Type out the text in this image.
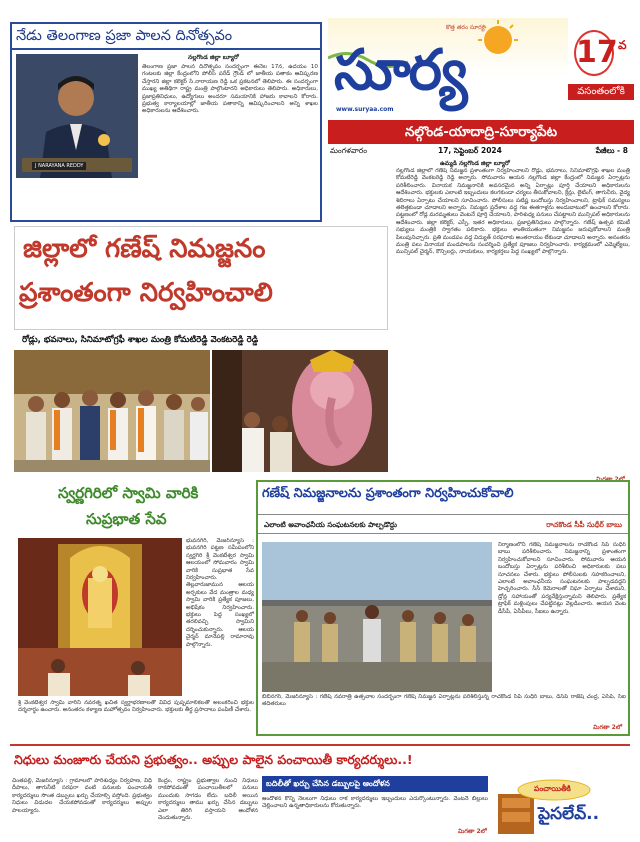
నేడు తెలంగాణ ప్రజా పాలన దినోత్సవం
J NARAYANA REDDY
నల్లగొండ జిల్లా బ్యూరో
తెలంగాణ ప్రజా పాలన దినోత్సవం సందర్భంగా ఈనెల 17న, ఉదయం 10 గంటలకు జిల్లా కేంద్రంలోని పోలీస్ పరేడ్ గ్రౌండ్ లో జాతీయ పతాకం ఆవిష్కరణ చేస్తారని జిల్లా కలెక్టర్ సి.నారాయణ రెడ్డి ఒక ప్రకటనలో తెలిపారు. ఈ సందర్భంగా ముఖ్య అతిథిగా రాష్ట్ర మంత్రి పాల్గొంటారని అధికారులు తెలిపారు. అధికారులు, ప్రజాప్రతినిధులు, ఉద్యోగులు అందరూ సమయానికి హాజరు కావాలని కోరారు. ప్రభుత్వ కార్యాలయాల్లో జాతీయ పతాకాన్ని ఆవిష్కరించాలని అన్ని శాఖల అధికారులను ఆదేశించారు.
సూర్య
కొత్త తరం సూర్య
www.suryaa.com
17 వ
వసంతంలోకి
నల్గొండ-యాదాద్రి-సూర్యాపేట
మంగళవారం	17, సెప్టెంబర్ 2024	పేజీలు - 8
ఉమ్మడి నల్లగొండ జిల్లా బ్యూరో
జిల్లాలో గణేష్ నిమజ్జనం
ప్రశాంతంగా నిర్వహించాలి
రోడ్లు, భవనాలు, సినిమాటోగ్రఫీ శాఖల మంత్రి కోమటిరెడ్డి వెంకటరెడ్డి రెడ్డి
నల్లగొండ జిల్లాలో గణేష్ నిమజ్జన ప్రశాంతంగా నిర్వహించాలని రోడ్లు, భవనాలు, సినిమాటోగ్రఫీ శాఖల మంత్రి కోమటిరెడ్డి వెంకటరెడ్డి రెడ్డి అన్నారు. సోమవారం ఆయన నల్లగొండ జిల్లా కేంద్రంలో నిమజ్జన ఏర్పాట్లను పరిశీలించారు. వినాయక నిమజ్జనానికి అవసరమైన అన్ని ఏర్పాట్లు పూర్తి చేయాలని అధికారులను ఆదేశించారు. భక్తులకు ఎలాంటి ఇబ్బందులు కలగకుండా చర్యలు తీసుకోవాలని, క్రేన్లు, లైటింగ్, తాగునీరు, వైద్య శిబిరాలు ఏర్పాటు చేయాలని సూచించారు. పోలీసులు పటిష్ట బందోబస్తు నిర్వహించాలని, ట్రాఫిక్ సమస్యలు తలెత్తకుండా చూడాలని అన్నారు. నిమజ్జన ప్రదేశాల వద్ద గజ ఈతగాళ్లను అందుబాటులో ఉంచాలని కోరారు. పట్టణంలో రోడ్ల మరమ్మతులు వెంటనే పూర్తి చేయాలని, పారిశుధ్య పనులు చేపట్టాలని మున్సిపల్ అధికారులను ఆదేశించారు. జిల్లా కలెక్టర్, ఎస్పీ, ఇతర అధికారులు, ప్రజాప్రతినిధులు పాల్గొన్నారు. గణేష్ ఉత్సవ కమిటీ సభ్యులు మంత్రికి స్వాగతం పలికారు. భక్తులు శాంతియుతంగా నిమజ్జనం జరుపుకోవాలని మంత్రి పిలుపునిచ్చారు. ప్రతి మండపం వద్ద విద్యుత్ సరఫరాకు అంతరాయం లేకుండా చూడాలని అన్నారు. అనంతరం మంత్రి పలు వినాయక మండపాలను సందర్శించి ప్రత్యేక పూజలు నిర్వహించారు. కార్యక్రమంలో ఎమ్మెల్యేలు, మున్సిపల్ చైర్మన్, కౌన్సిలర్లు, నాయకులు, కార్యకర్తలు పెద్ద సంఖ్యలో పాల్గొన్నారు.
మిగతా 2లో
స్వర్ణగిరిలో స్వామి వారికి
సుప్రభాత సేవ
భువనగిరి, మేజర్‌న్యూస్ : భువనగిరి పట్టణ సమీపంలోని స్వర్ణగిరి శ్రీ వెంకటేశ్వర స్వామి ఆలయంలో సోమవారం స్వామి వారికి సుప్రభాత సేవ నిర్వహించారు. తెల్లవారుజామున ఆలయ అర్చకులు వేద మంత్రాల మధ్య స్వామి వారికి ప్రత్యేక పూజలు, అభిషేకం నిర్వహించారు. భక్తులు పెద్ద సంఖ్యలో తరలివచ్చి స్వామిని దర్శించుకున్నారు. ఆలయ చైర్మన్ మానేపల్లి రామారావు పాల్గొన్నారు.
శ్రీ వెంకటేశ్వర స్వామి వారిని నవరత్న ఖచిత స్వర్ణాభరణాలతో వివిధ పుష్పమాలికలతో అలంకరించి భక్తుల దర్శనార్థం ఉంచారు. అనంతరం కళ్యాణ మహోత్సవం నిర్వహించారు. భక్తులకు తీర్థ ప్రసాదాలు పంపిణీ చేశారు.
గణేష్ నిమజ్జనాలను ప్రశాంతంగా నిర్వహించుకోవాలి
ఎలాంటి అవాంఛనీయ సంఘటనలకు పాల్పడొద్దు	రాచకొండ సీపీ సుధీర్ బాబు
నిర్మాణంలోని గణేష్ నిమజ్జనాలను రాచకొండ సీపీ సుధీర్ బాబు పరిశీలించారు. నిమజ్జనాన్ని ప్రశాంతంగా నిర్వహించుకోవాలని సూచించారు. సోమవారం ఆయన బందోబస్తు ఏర్పాట్లను పరిశీలించి అధికారులకు పలు సూచనలు చేశారు. భక్తులు పోలీసులకు సహకరించాలని, ఎలాంటి అవాంఛనీయ సంఘటనలకు పాల్పడవద్దని హెచ్చరించారు. సీసీ కెమెరాలతో నిఘా ఏర్పాటు చేశామని, డ్రోన్ల సహాయంతో పర్యవేక్షిస్తున్నామని తెలిపారు. ప్రత్యేక ట్రాఫిక్ మళ్లింపులు చేపట్టినట్లు వెల్లడించారు. ఆయన వెంట డీసీపీ, ఏసీపీలు, సీఐలు ఉన్నారు.
బీబీనగర్, మేజర్‌న్యూస్ : గణేష్ నవరాత్రి ఉత్సవాల సందర్భంగా గణేష్ నిమజ్జన ఏర్పాట్లను పరిశీలిస్తున్న రాచకొండ సీపీ సుధీర్ బాబు, డీసీపీ రాజేష్ చంద్ర, ఏసీపీ, సీఐ తదితరులు
మిగతా 2లో
నిధులు మంజూరు చేయని ప్రభుత్వం.. అప్పుల పాలైన పంచాయితీ కార్యదర్శులు..!
బదిలీతో ఖర్చు చేసిన డబ్బులపై ఆందోళన
చింతపల్లి, మేజర్‌న్యూస్ : గ్రామాలలో పారిశుధ్యం నిర్వహణ, వీధి దీపాలు, తాగునీటి సరఫరా వంటి పనులకు పంచాయతీ కార్యదర్శులు సొంత డబ్బులు ఖర్చు చేయాల్సి వస్తోంది. ప్రభుత్వం నిధులు విడుదల చేయకపోవడంతో కార్యదర్శులు అప్పుల పాలయ్యారు.
కేంద్రం, రాష్ట్రం ప్రభుత్వాల నుంచి నిధులు రాకపోవడంతో పంచాయితీలలో పనులు ముందుకు సాగడం లేదు. బదిలీ అయిన కార్యదర్శులు తాము ఖర్చు చేసిన డబ్బులు ఎలా తిరిగి వస్తాయని ఆందోళన చెందుతున్నారు.
ఆందోళన కొన్ని నెలలుగా నిధులు రాక కార్యదర్శులు ఇబ్బందులు ఎదుర్కొంటున్నారు. వెంటనే బిల్లులు చెల్లించాలని ఉన్నతాధికారులను కోరుతున్నారు.
మిగతా 2లో
పంచాయితీకి
పైసలేవ్..
